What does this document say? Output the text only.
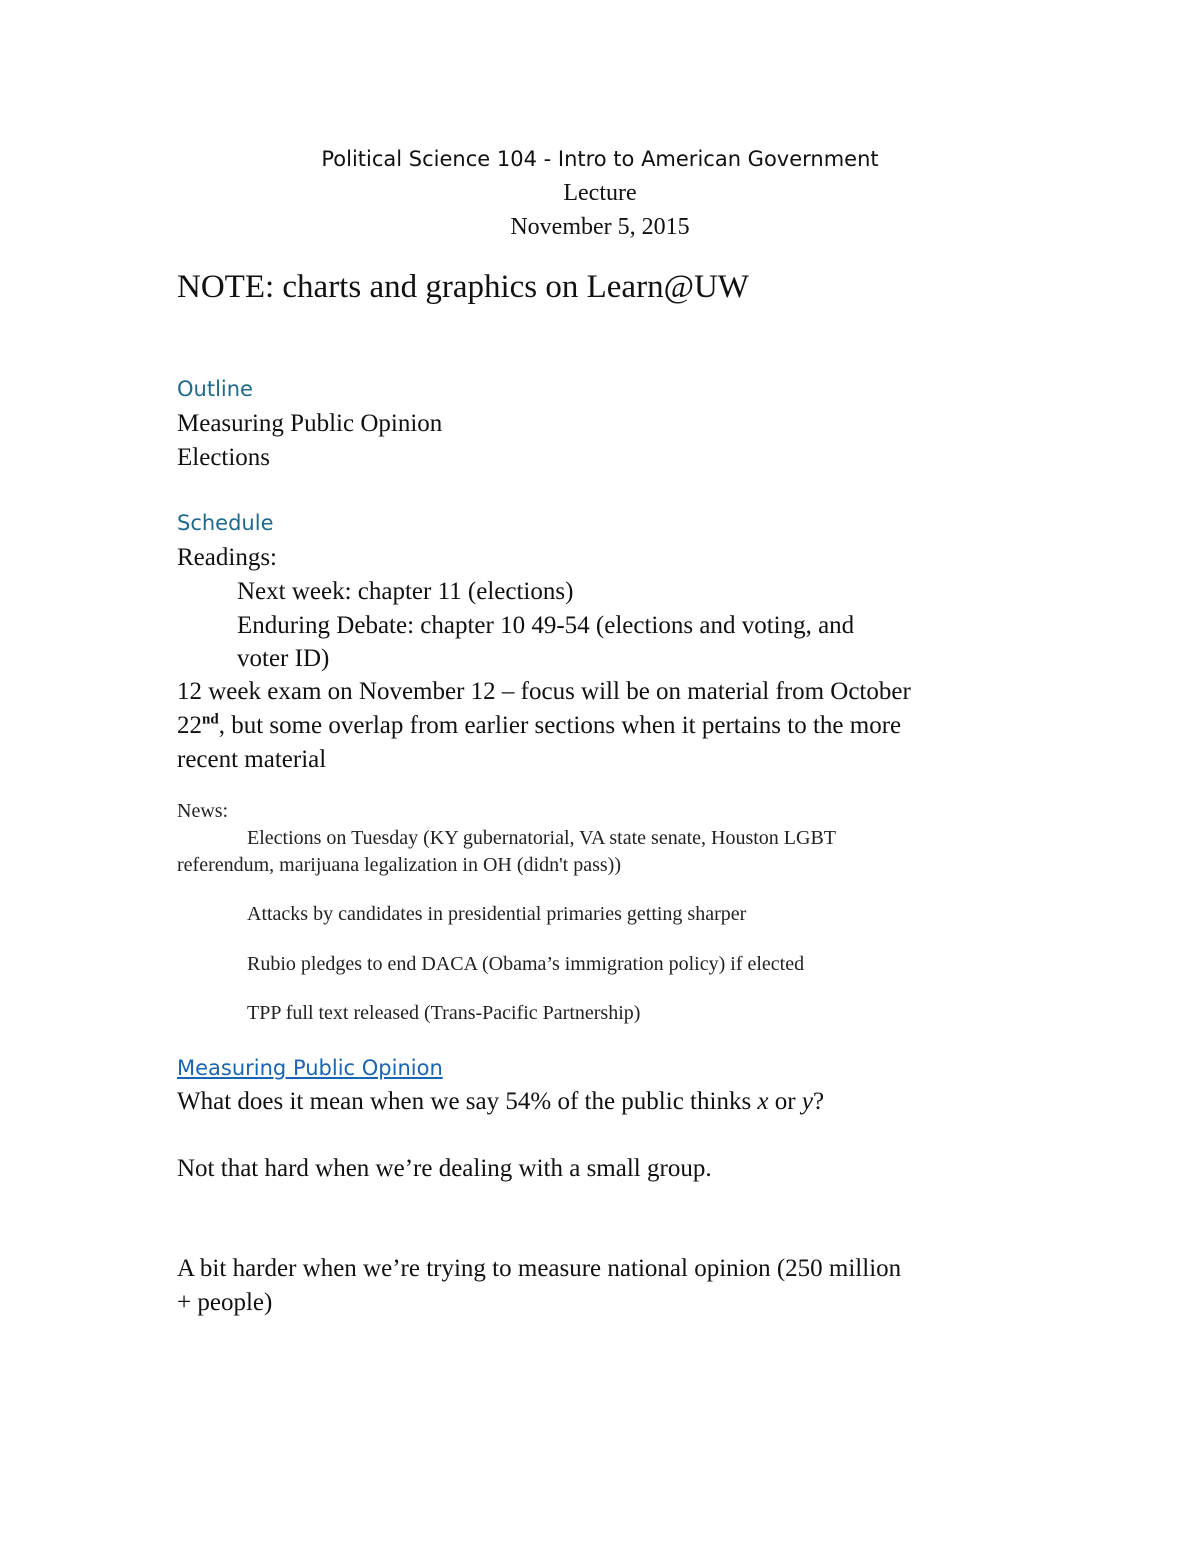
Political Science 104 - Intro to American Government
Lecture
November 5, 2015
NOTE: charts and graphics on Learn@UW
Outline
Measuring Public Opinion
Elections
Schedule
Readings:
Next week: chapter 11 (elections)
Enduring Debate: chapter 10 49-54 (elections and voting, and
voter ID)
12 week exam on November 12 – focus will be on material from October
22nd, but some overlap from earlier sections when it pertains to the more
recent material
News:
Elections on Tuesday (KY gubernatorial, VA state senate, Houston LGBT
referendum, marijuana legalization in OH (didn't pass))
Attacks by candidates in presidential primaries getting sharper
Rubio pledges to end DACA (Obama’s immigration policy) if elected
TPP full text released (Trans-Pacific Partnership)
Measuring Public Opinion
What does it mean when we say 54% of the public thinks x or y?
Not that hard when we’re dealing with a small group.
A bit harder when we’re trying to measure national opinion (250 million
+ people)
